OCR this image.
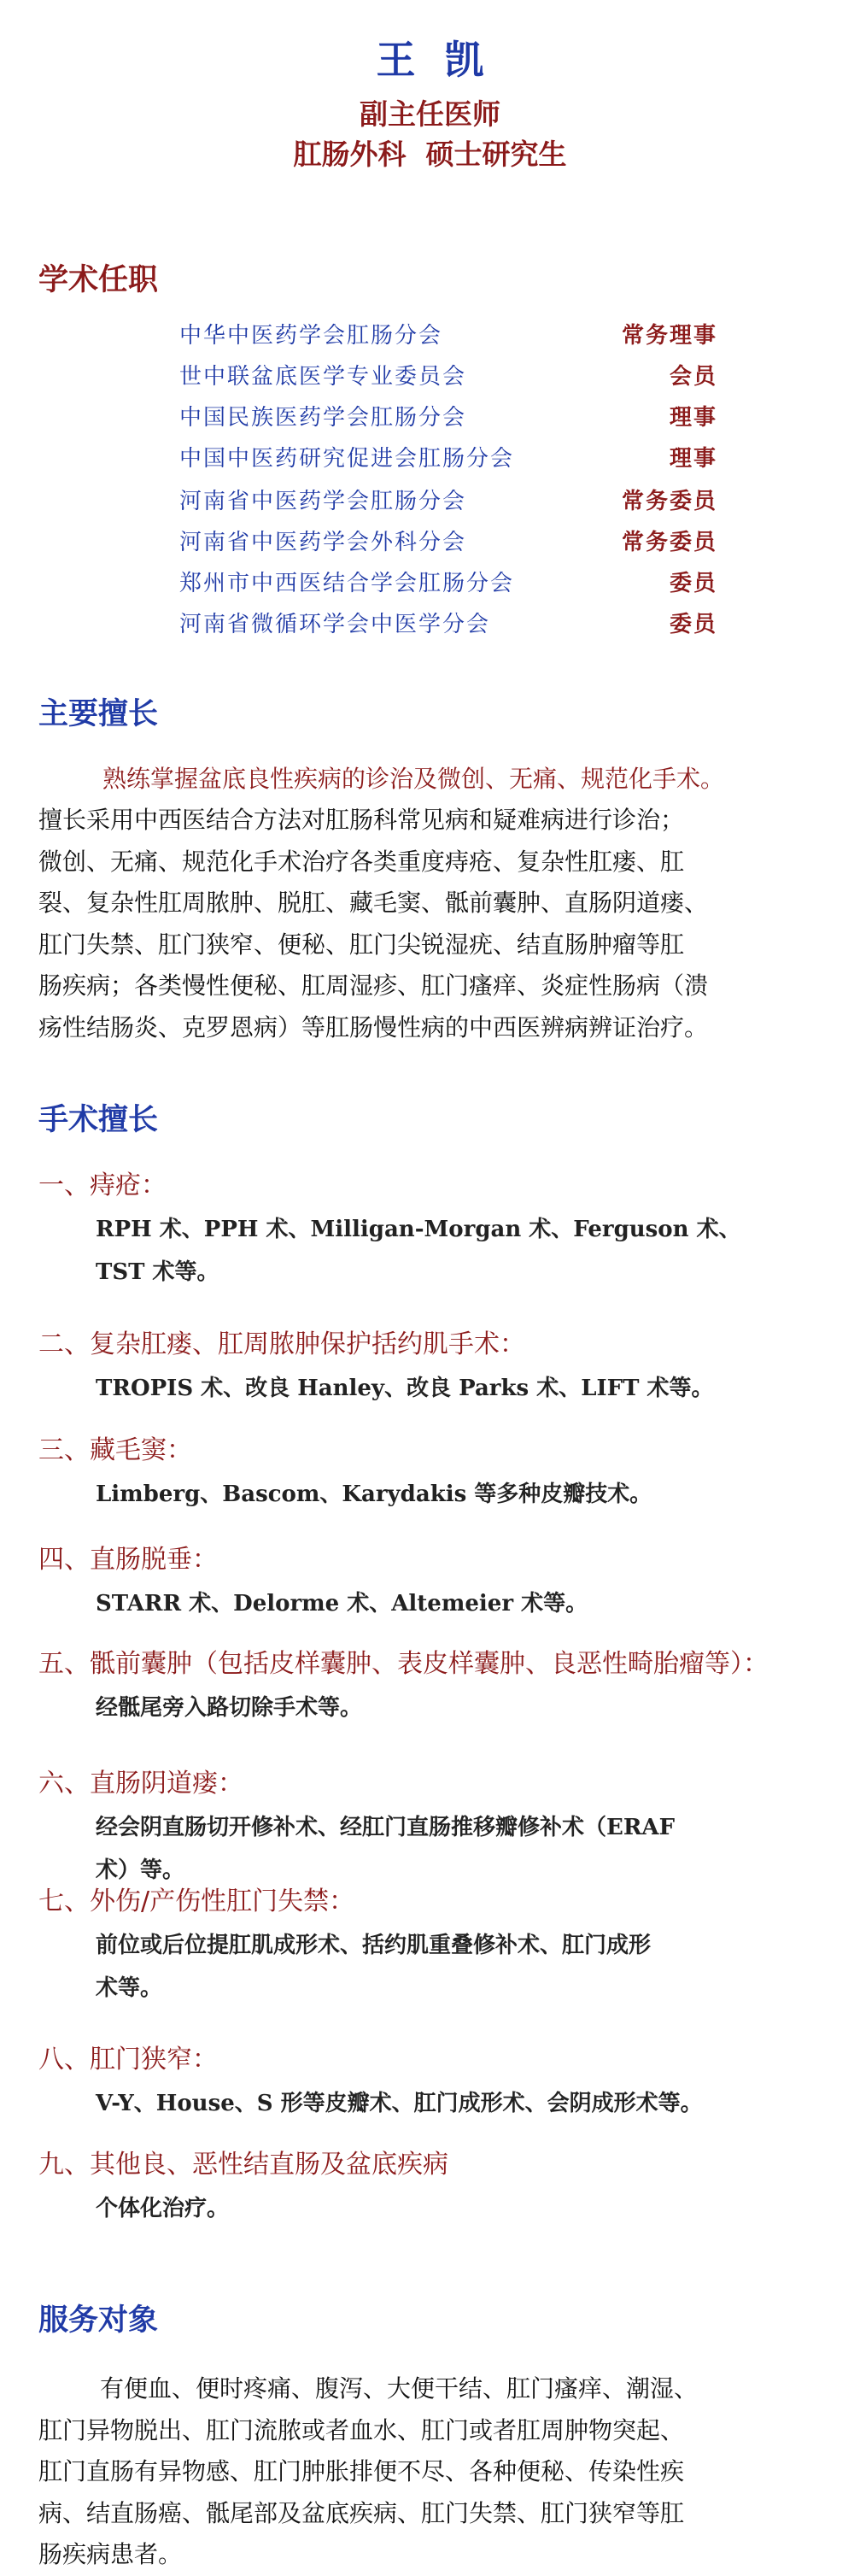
王凯
副主任医师
肛肠外科  硕士研究生
学术任职
中华中医药学会肛肠分会	常务理事
世中联盆底医学专业委员会	会员
中国民族医药学会肛肠分会	理事
中国中医药研究促进会肛肠分会	理事
河南省中医药学会肛肠分会	常务委员
河南省中医药学会外科分会	常务委员
郑州市中西医结合学会肛肠分会	委员
河南省微循环学会中医学分会	委员
主要擅长
熟练掌握盆底良性疾病的诊治及微创、无痛、规范化手术。
擅长采用中西医结合方法对肛肠科常见病和疑难病进行诊治；
微创、无痛、规范化手术治疗各类重度痔疮、复杂性肛瘘、肛
裂、复杂性肛周脓肿、脱肛、藏毛窦、骶前囊肿、直肠阴道瘘、
肛门失禁、肛门狭窄、便秘、肛门尖锐湿疣、结直肠肿瘤等肛
肠疾病；各类慢性便秘、肛周湿疹、肛门瘙痒、炎症性肠病（溃
疡性结肠炎、克罗恩病）等肛肠慢性病的中西医辨病辨证治疗。
手术擅长
一、痔疮：
RPH 术、PPH 术、Milligan-Morgan 术、Ferguson 术、
TST 术等。
二、复杂肛瘘、肛周脓肿保护括约肌手术：
TROPIS 术、改良 Hanley、改良 Parks 术、LIFT 术等。
三、藏毛窦：
Limberg、Bascom、Karydakis 等多种皮瓣技术。
四、直肠脱垂：
STARR 术、Delorme 术、Altemeier 术等。
五、骶前囊肿（包括皮样囊肿、表皮样囊肿、良恶性畸胎瘤等）：
经骶尾旁入路切除手术等。
六、直肠阴道瘘：
经会阴直肠切开修补术、经肛门直肠推移瓣修补术（ERAF
术）等。
七、外伤/产伤性肛门失禁：
前位或后位提肛肌成形术、括约肌重叠修补术、肛门成形
术等。
八、肛门狭窄：
V-Y、House、S 形等皮瓣术、肛门成形术、会阴成形术等。
九、其他良、恶性结直肠及盆底疾病
个体化治疗。
服务对象
有便血、便时疼痛、腹泻、大便干结、肛门瘙痒、潮湿、
肛门异物脱出、肛门流脓或者血水、肛门或者肛周肿物突起、
肛门直肠有异物感、肛门肿胀排便不尽、各种便秘、传染性疾
病、结直肠癌、骶尾部及盆底疾病、肛门失禁、肛门狭窄等肛
肠疾病患者。
